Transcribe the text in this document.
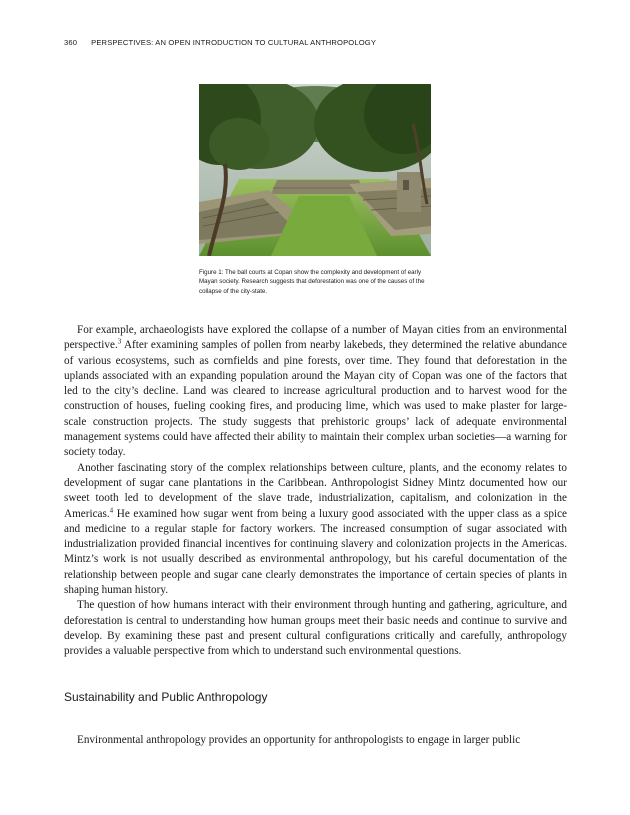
360 PERSPECTIVES: AN OPEN INTRODUCTION TO CULTURAL ANTHROPOLOGY
Figure 1: The ball courts at Copan show the complexity and development of early Mayan society. Research suggests that deforestation was one of the causes of the collapse of the city-state.

For example, archaeologists have explored the collapse of a number of Mayan cities from an environmental perspective.$^3$ After examining samples of pollen from nearby lakebeds, they determined the relative abundance of various ecosystems, such as cornfields and pine forests, over time. They found that deforestation in the uplands associated with an expanding population around the Mayan city of Copan was one of the factors that led to the city’s decline. Land was cleared to increase agricultural production and to harvest wood for the construction of houses, fueling cooking fires, and producing lime, which was used to make plaster for large-scale construction projects. The study suggests that prehistoric groups’ lack of adequate environmental management systems could have affected their ability to maintain their complex urban societies—a warning for society today.

Another fascinating story of the complex relationships between culture, plants, and the economy relates to development of sugar cane plantations in the Caribbean. Anthropologist Sidney Mintz documented how our sweet tooth led to development of the slave trade, industrialization, capitalism, and colonization in the Americas.$^4$ He examined how sugar went from being a luxury good associated with the upper class as a spice and medicine to a regular staple for factory workers. The increased consumption of sugar associated with industrialization provided financial incentives for continuing slavery and colonization projects in the Americas. Mintz’s work is not usually described as environmental anthropology, but his careful documentation of the relationship between people and sugar cane clearly demonstrates the importance of certain species of plants in shaping human history.

The question of how humans interact with their environment through hunting and gathering, agriculture, and deforestation is central to understanding how human groups meet their basic needs and continue to survive and develop. By examining these past and present cultural configurations critically and carefully, anthropology provides a valuable perspective from which to understand such environmental questions.

Sustainability and Public Anthropology

Environmental anthropology provides an opportunity for anthropologists to engage in larger public
